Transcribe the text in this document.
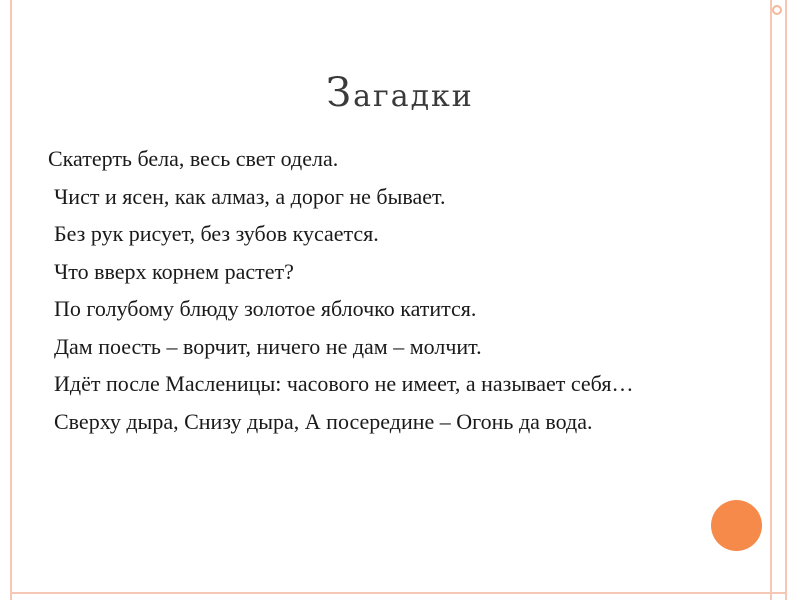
Загадки
Скатерть бела, весь свет одела.
Чист и ясен, как алмаз, а дорог не бывает.
Без рук рисует, без зубов кусается.
Что вверх корнем растет?
По голубому блюду золотое яблочко катится.
Дам поесть – ворчит, ничего не дам – молчит.
Идёт после Масленицы: часового не имеет, а называет себя…
Сверху дыра, Снизу дыра, А посередине – Огонь да вода.
